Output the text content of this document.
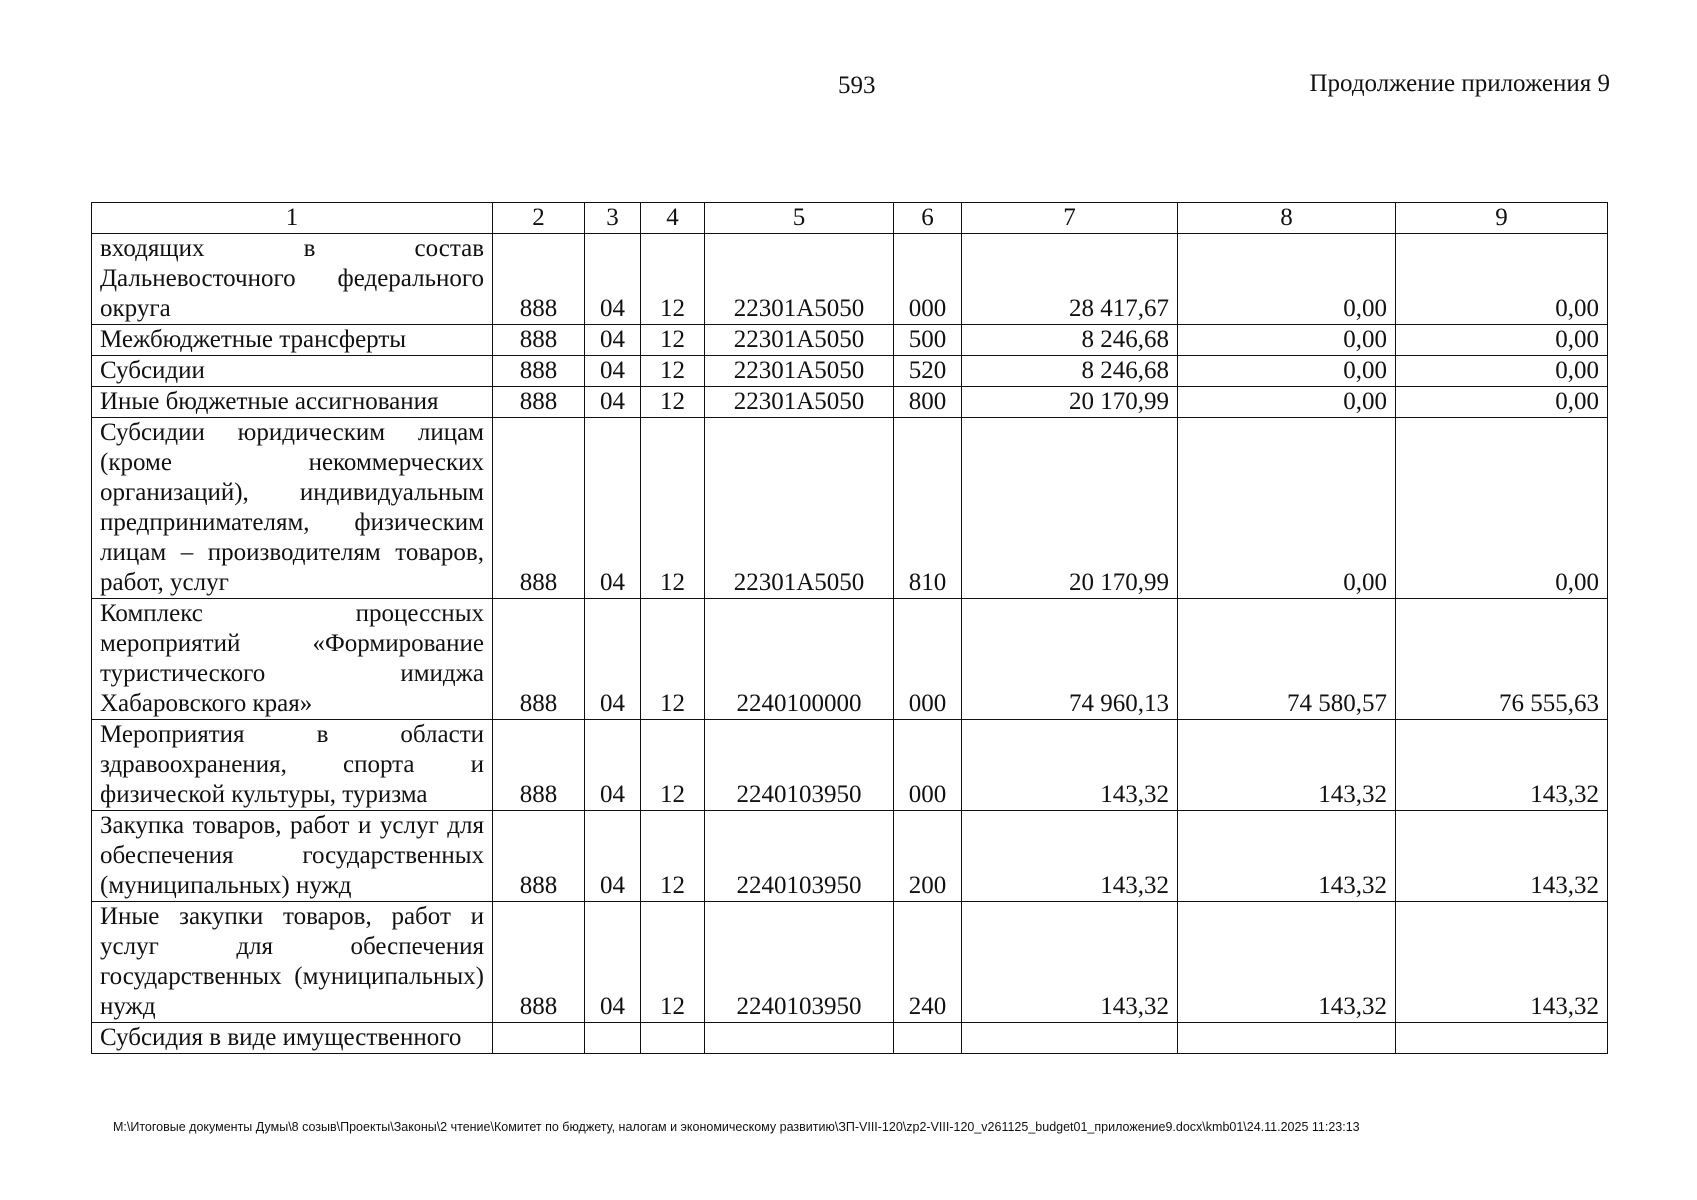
593	Продолжение приложения 9
1	2	3	4	5	6	7	8	9
входящих в состав Дальневосточного федерального округа	888	04	12	22301А5050	000	28 417,67	0,00	0,00
Межбюджетные трансферты	888	04	12	22301А5050	500	8 246,68	0,00	0,00
Субсидии	888	04	12	22301А5050	520	8 246,68	0,00	0,00
Иные бюджетные ассигнования	888	04	12	22301А5050	800	20 170,99	0,00	0,00
Субсидии юридическим лицам (кроме некоммерческих организаций), индивидуальным предпринимателям, физическим лицам – производителям товаров, работ, услуг	888	04	12	22301А5050	810	20 170,99	0,00	0,00
Комплекс процессных мероприятий «Формирование туристического имиджа Хабаровского края»	888	04	12	2240100000	000	74 960,13	74 580,57	76 555,63
Мероприятия в области здравоохранения, спорта и физической культуры, туризма	888	04	12	2240103950	000	143,32	143,32	143,32
Закупка товаров, работ и услуг для обеспечения государственных (муниципальных) нужд	888	04	12	2240103950	200	143,32	143,32	143,32
Иные закупки товаров, работ и услуг для обеспечения государственных (муниципальных) нужд	888	04	12	2240103950	240	143,32	143,32	143,32
Субсидия в виде имущественного								
M:\Итоговые документы Думы\8 созыв\Проекты\Законы\2 чтение\Комитет по бюджету, налогам и экономическому развитию\ЗП-VIII-120\zp2-VIII-120_v261125_budget01_приложение9.docx\kmb01\24.11.2025 11:23:13
